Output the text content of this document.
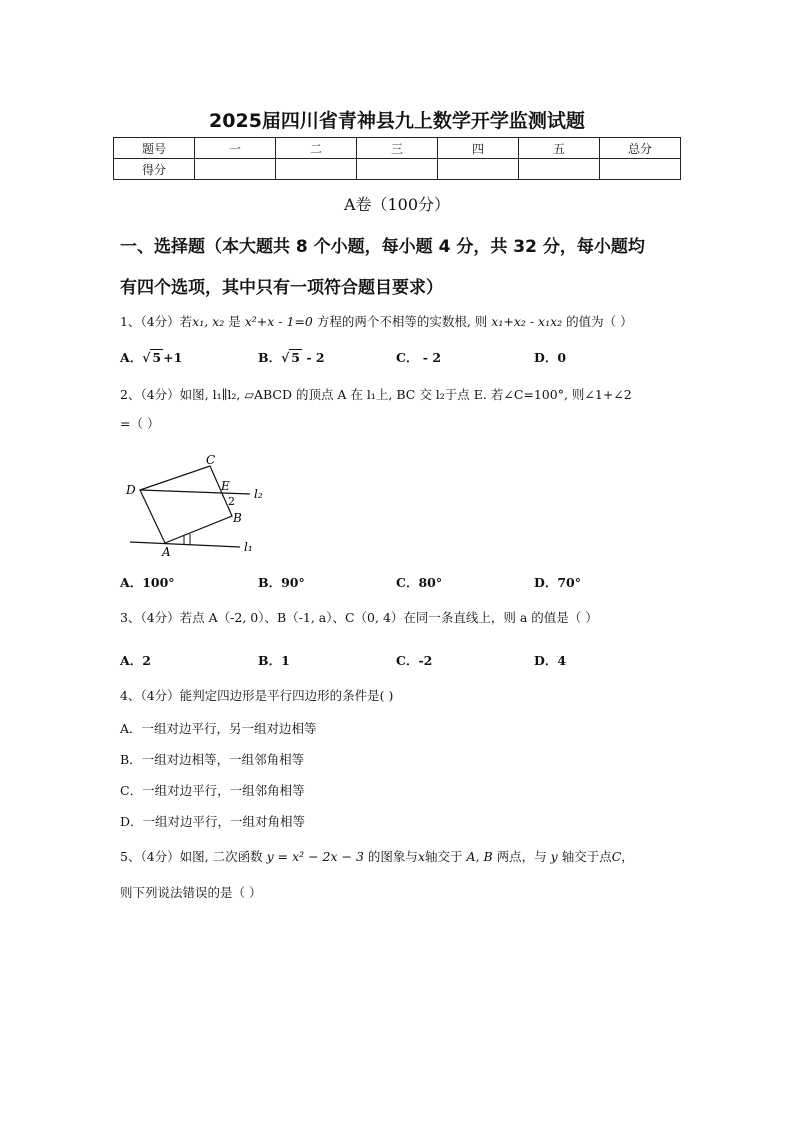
2025届四川省青神县九上数学开学监测试题
题号	一	二	三	四	五	总分
得分						
A卷（100分）
一、选择题（本大题共 8 个小题，每小题 4 分，共 32 分，每小题均
有四个选项，其中只有一项符合题目要求）
1、（4分）若x₁, x₂ 是 x²+x - 1=0 方程的两个不相等的实数根, 则 x₁+x₂ - x₁x₂ 的值为（ ）
A．√ 5 +1	B．√ 5 - 2	C． - 2	D．0
2、（4分）如图, l₁∥l₂, ▱ABCD 的顶点 A 在 l₁上, BC 交 l₂于点 E. 若∠C=100°, 则∠1+∠2
=（ ）
C
D	E
2
l₂
B
A	l₁
A．100°	B．90°	C．80°	D．70°
3、（4分）若点 A（-2, 0）、B（-1, a）、C（0, 4）在同一条直线上，则 a 的值是（ ）
A．2	B．1	C．-2	D．4
4、（4分）能判定四边形是平行四边形的条件是( )
A．一组对边平行，另一组对边相等
B．一组对边相等，一组邻角相等
C．一组对边平行，一组邻角相等
D．一组对边平行，一组对角相等
5、（4分）如图, 二次函数 y = x² − 2x − 3 的图象与x轴交于 A, B 两点，与 y 轴交于点C，
则下列说法错误的是（ ）
